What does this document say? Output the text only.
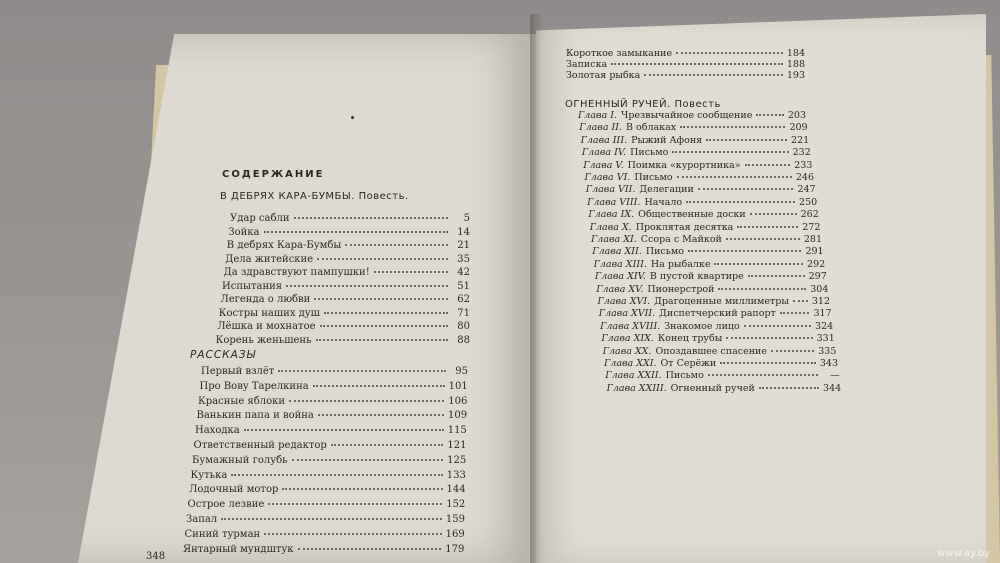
СОДЕРЖАНИЕ
В ДЕБРЯХ КАРА-БУМБЫ. Повесть.
Удар сабли	5
Зойка	14
В дебрях Кара-Бумбы	21
Дела житейские	35
Да здравствуют пампушки!	42
Испытания	51
Легенда о любви	62
Костры наших душ	71
Лёшка и мохнатое	80
Корень женьшень	88
РАССКАЗЫ
Первый взлёт	95
Про Вову Тарелкина	101
Красные яблоки	106
Ванькин папа и война	109
Находка	115
Ответственный редактор	121
Бумажный голубь	125
Кутька	133
Лодочный мотор	144
Острое лезвие	152
Запал	159
Синий турман	169
Янтарный мундштук	179
348
Короткое замыкание	184
Записка	188
Золотая рыбка	193
ОГНЕННЫЙ РУЧЕЙ. Повесть
Глава I. Чрезвычайное сообщение	203
Глава II. В облаках	209
Глава III. Рыжий Афоня	221
Глава IV. Письмо	232
Глава V. Поимка «курортника»	233
Глава VI. Письмо	246
Глава VII. Делегации	247
Глава VIII. Начало	250
Глава IX. Общественные доски	262
Глава X. Проклятая десятка	272
Глава XI. Ссора с Майкой	281
Глава XII. Письмо	291
Глава XIII. На рыбалке	292
Глава XIV. В пустой квартире	297
Глава XV. Пионерстрой	304
Глава XVI. Драгоценные миллиметры 312
Глава XVII. Диспетчерский рапорт	317
Глава XVIII. Знакомое лицо	324
Глава XIX. Конец трубы	331
Глава XX. Опоздавшее спасение	335
Глава XXI. От Серёжи	343
Глава XXII. Письмо	—
Глава XXIII. Огненный ручей	344
www.ay.by
